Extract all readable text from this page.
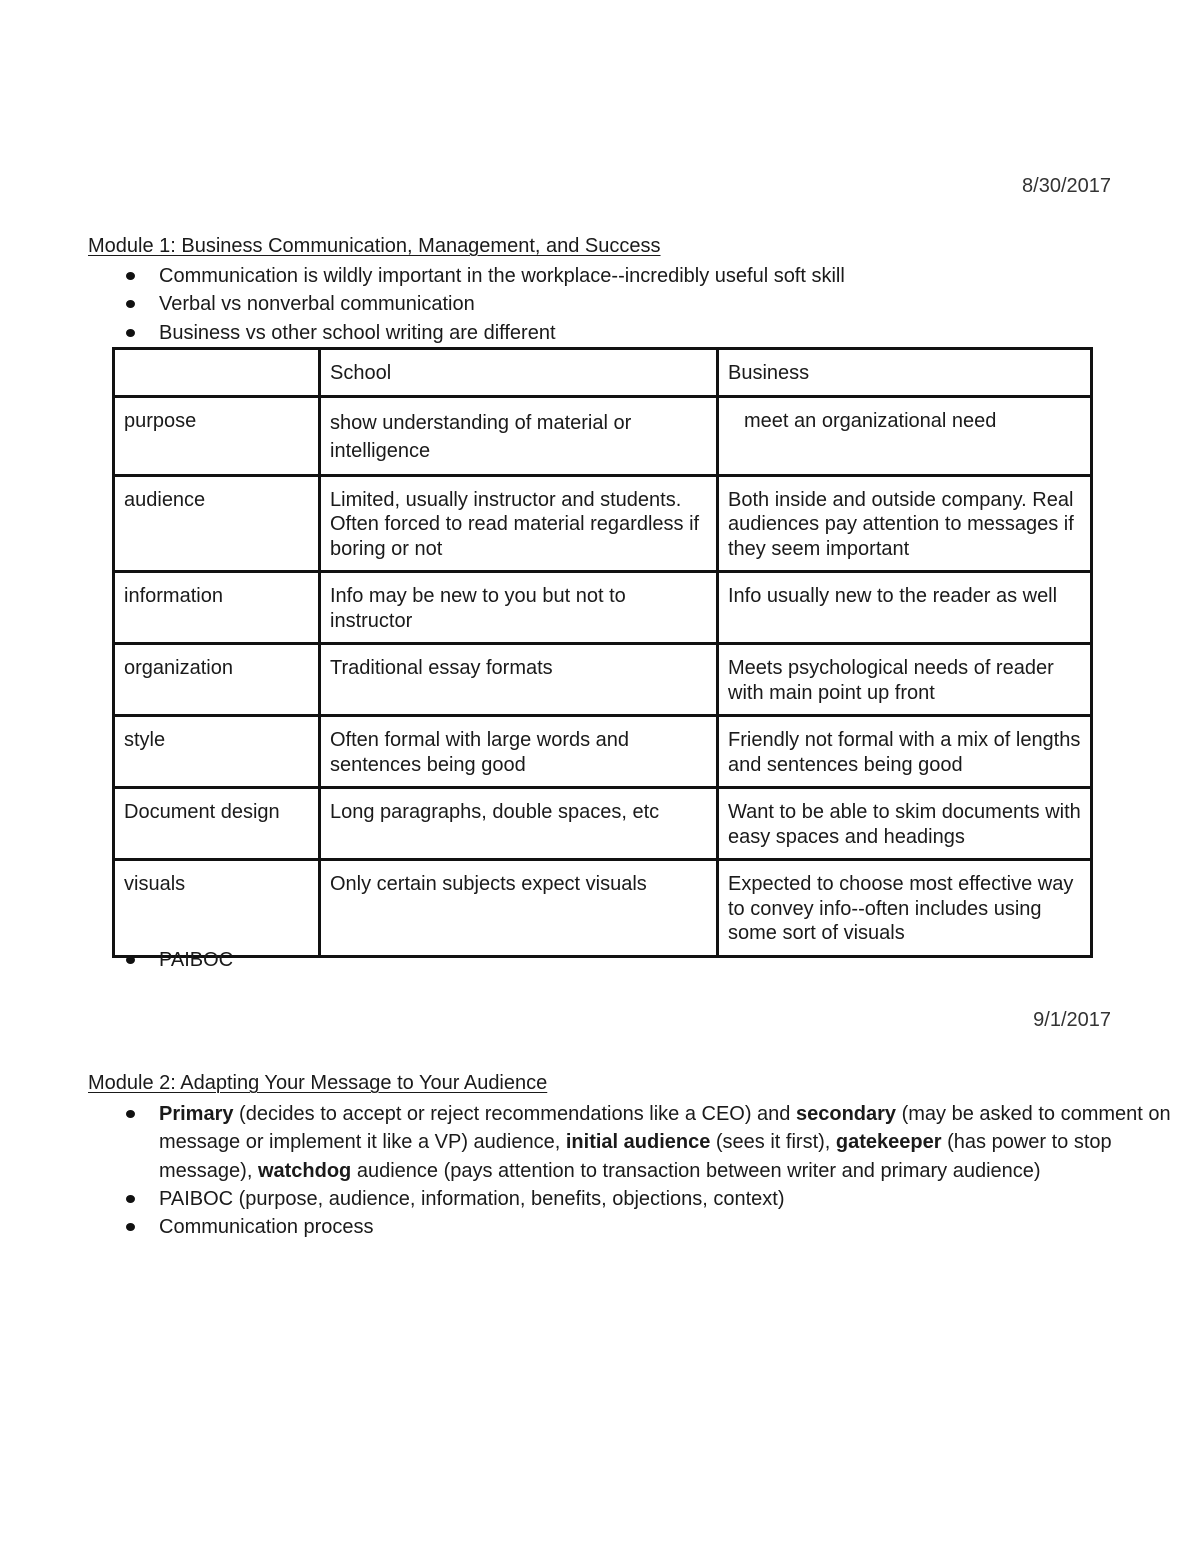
8/30/2017
Module 1: Business Communication, Management, and Success
Communication is wildly important in the workplace--incredibly useful soft skill
Verbal vs nonverbal communication
Business vs other school writing are different
	School	Business
purpose	show understanding of material or intelligence	meet an organizational need
audience	Limited, usually instructor and students. Often forced to read material regardless if boring or not	Both inside and outside company. Real audiences pay attention to messages if they seem important
information	Info may be new to you but not to instructor	Info usually new to the reader as well
organization	Traditional essay formats	Meets psychological needs of reader with main point up front
style	Often formal with large words and sentences being good	Friendly not formal with a mix of lengths and sentences being good
Document design	Long paragraphs, double spaces, etc	Want to be able to skim documents with easy spaces and headings
visuals	Only certain subjects expect visuals	Expected to choose most effective way to convey info--often includes using some sort of visuals
PAIBOC
9/1/2017
Module 2: Adapting Your Message to Your Audience
Primary (decides to accept or reject recommendations like a CEO) and secondary (may be asked to comment on message or implement it like a VP) audience, initial audience (sees it first), gatekeeper (has power to stop message), watchdog audience (pays attention to transaction between writer and primary audience)
PAIBOC (purpose, audience, information, benefits, objections, context)
Communication process
